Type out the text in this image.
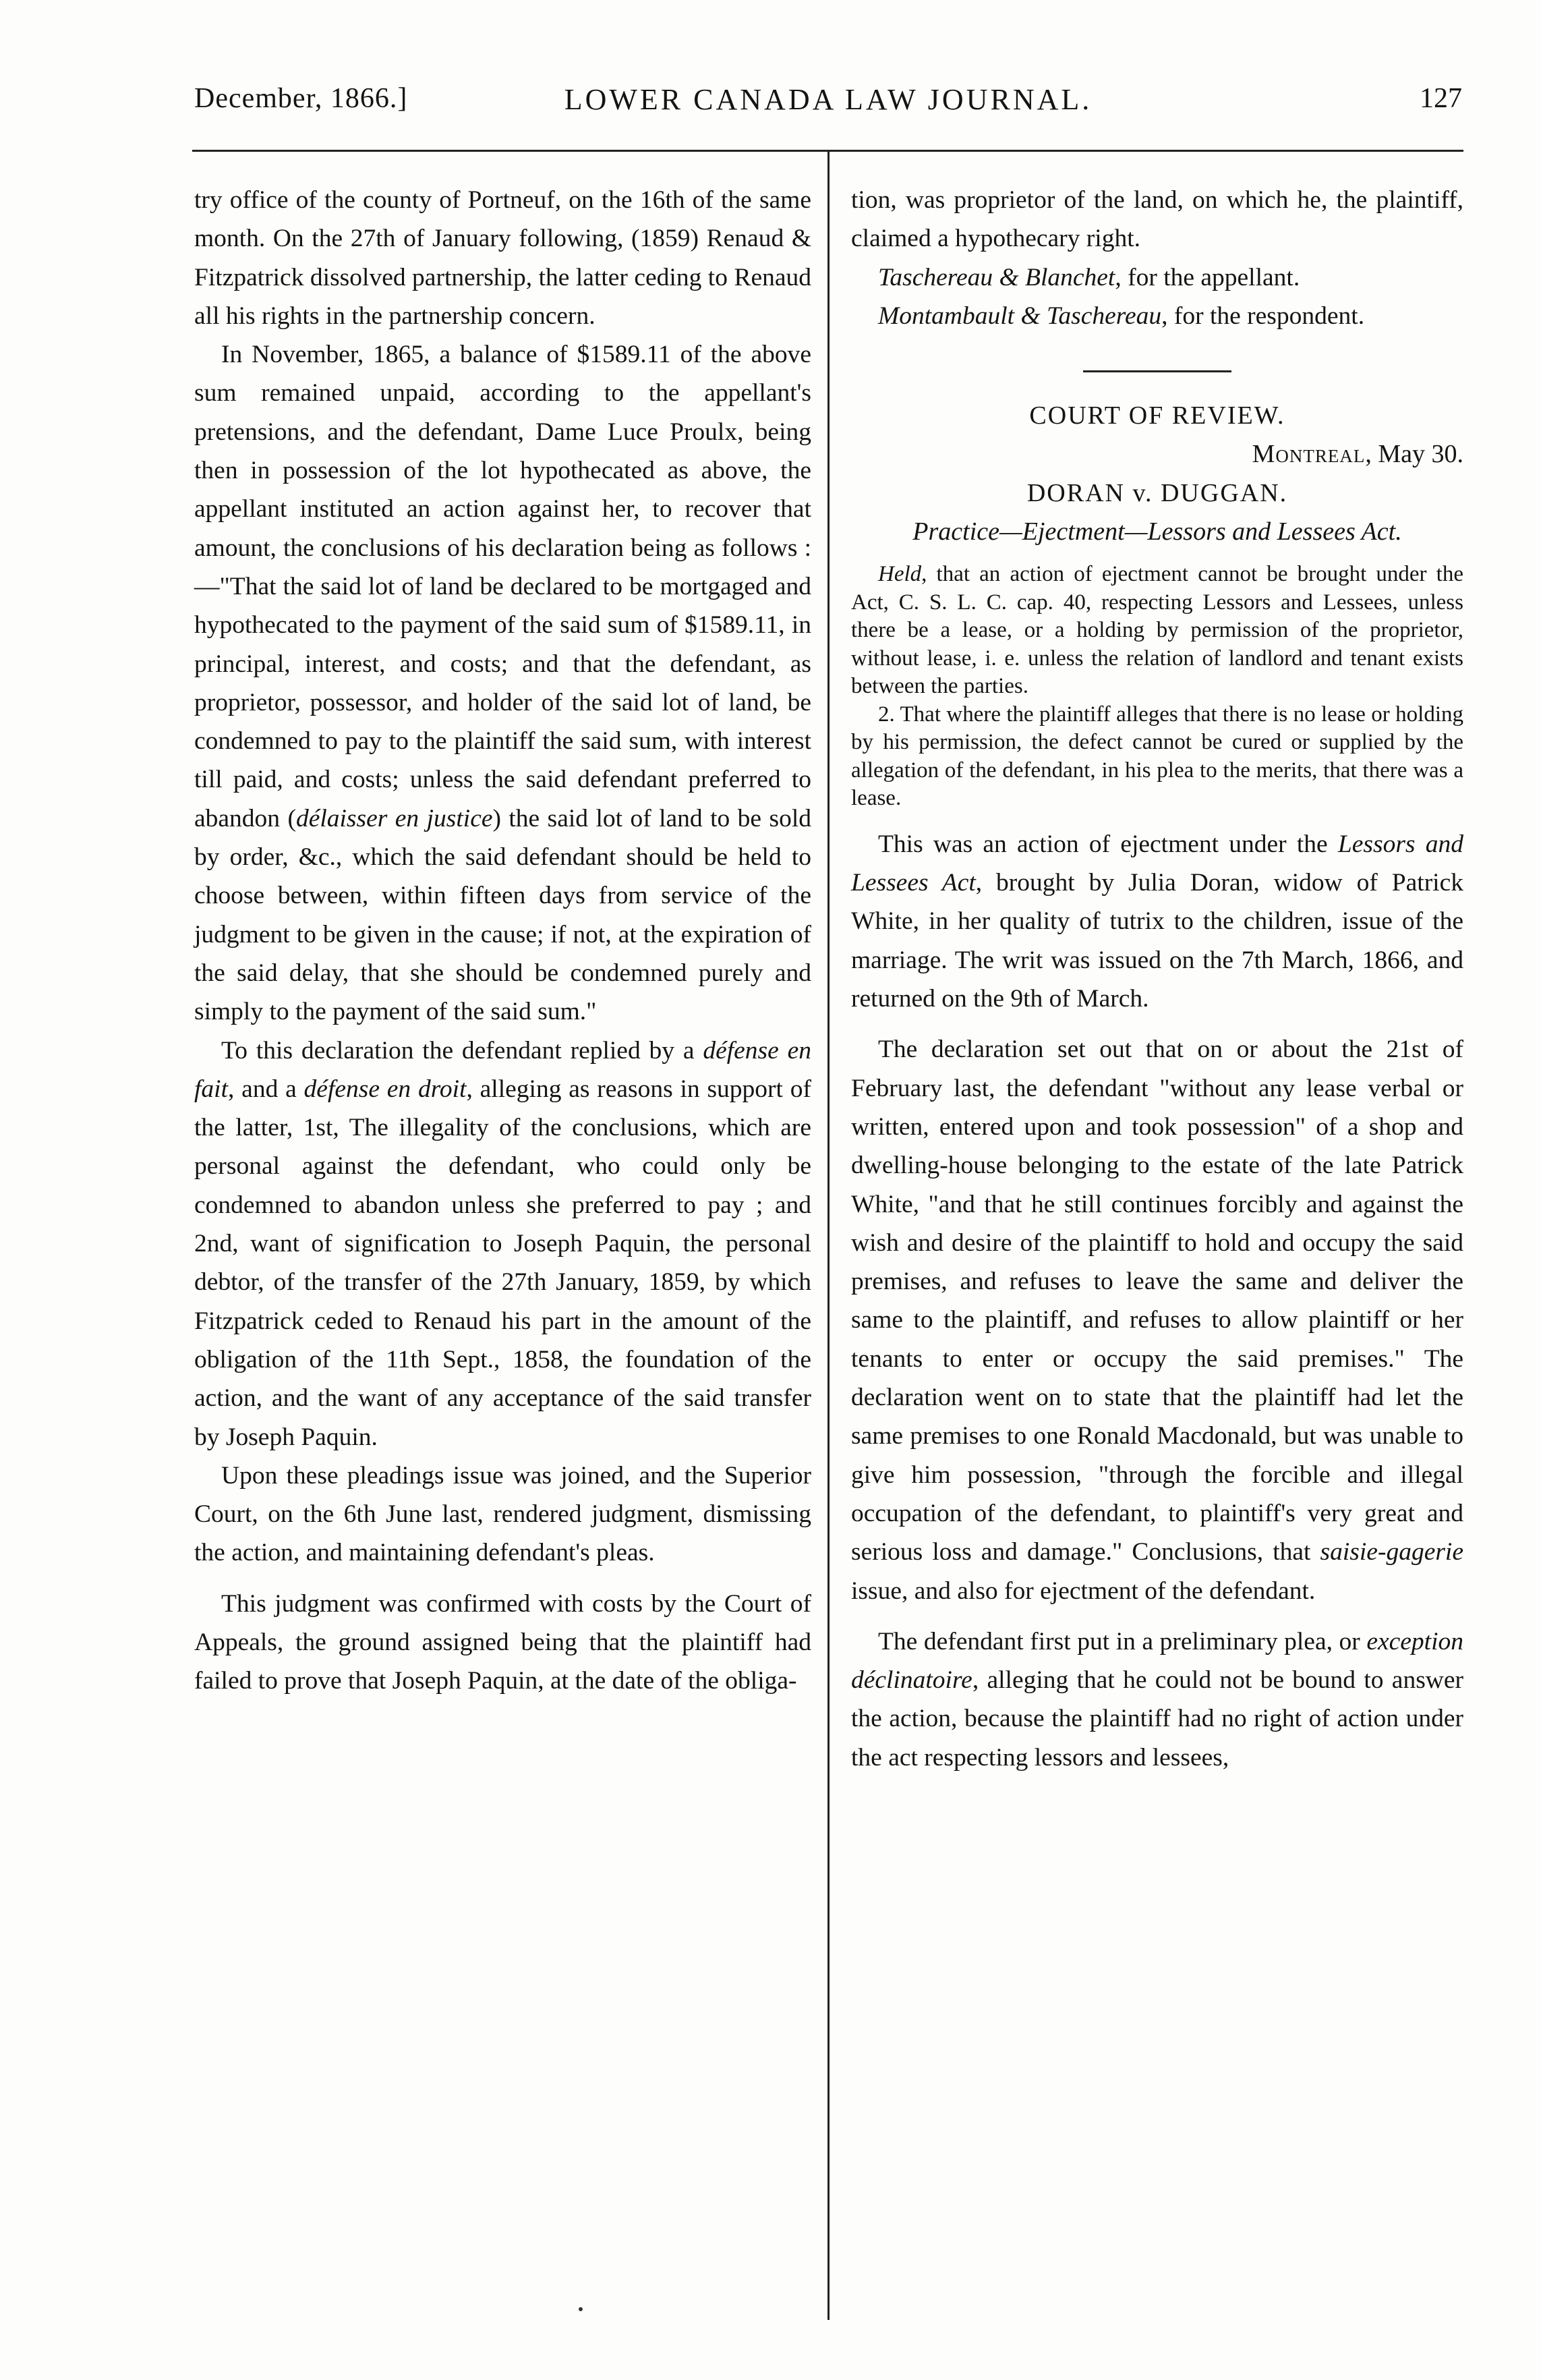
December, 1866.]	LOWER CANADA LAW JOURNAL.	127

try office of the county of Portneuf, on the 16th of the same month. On the 27th of January following, (1859) Renaud & Fitzpatrick dissolved partnership, the latter ceding to Renaud all his rights in the partnership concern.

In November, 1865, a balance of $1589.11 of the above sum remained unpaid, according to the appellant's pretensions, and the defendant, Dame Luce Proulx, being then in possession of the lot hypothecated as above, the appellant instituted an action against her, to recover that amount, the conclusions of his declaration being as follows :—"That the said lot of land be declared to be mortgaged and hypothecated to the payment of the said sum of $1589.11, in principal, interest, and costs; and that the defendant, as proprietor, possessor, and holder of the said lot of land, be condemned to pay to the plaintiff the said sum, with interest till paid, and costs; unless the said defendant preferred to abandon (délaisser en justice) the said lot of land to be sold by order, &c., which the said defendant should be held to choose between, within fifteen days from service of the judgment to be given in the cause; if not, at the expiration of the said delay, that she should be condemned purely and simply to the payment of the said sum."

To this declaration the defendant replied by a défense en fait, and a défense en droit, alleging as reasons in support of the latter, 1st, The illegality of the conclusions, which are personal against the defendant, who could only be condemned to abandon unless she preferred to pay ; and 2nd, want of signification to Joseph Paquin, the personal debtor, of the transfer of the 27th January, 1859, by which Fitzpatrick ceded to Renaud his part in the amount of the obligation of the 11th Sept., 1858, the foundation of the action, and the want of any acceptance of the said transfer by Joseph Paquin.

Upon these pleadings issue was joined, and the Superior Court, on the 6th June last, rendered judgment, dismissing the action, and maintaining defendant's pleas.

This judgment was confirmed with costs by the Court of Appeals, the ground assigned being that the plaintiff had failed to prove that Joseph Paquin, at the date of the obliga-

tion, was proprietor of the land, on which he, the plaintiff, claimed a hypothecary right.

Taschereau & Blanchet, for the appellant.

Montambault & Taschereau, for the respondent.

COURT OF REVIEW.
Montreal, May 30.
DORAN v. DUGGAN.
Practice—Ejectment—Lessors and Lessees Act.

Held, that an action of ejectment cannot be brought under the Act, C. S. L. C. cap. 40, respecting Lessors and Lessees, unless there be a lease, or a holding by permission of the proprietor, without lease, i. e. unless the relation of landlord and tenant exists between the parties.

2. That where the plaintiff alleges that there is no lease or holding by his permission, the defect cannot be cured or supplied by the allegation of the defendant, in his plea to the merits, that there was a lease.

This was an action of ejectment under the Lessors and Lessees Act, brought by Julia Doran, widow of Patrick White, in her quality of tutrix to the children, issue of the marriage. The writ was issued on the 7th March, 1866, and returned on the 9th of March.

The declaration set out that on or about the 21st of February last, the defendant "without any lease verbal or written, entered upon and took possession" of a shop and dwelling-house belonging to the estate of the late Patrick White, "and that he still continues forcibly and against the wish and desire of the plaintiff to hold and occupy the said premises, and refuses to leave the same and deliver the same to the plaintiff, and refuses to allow plaintiff or her tenants to enter or occupy the said premises." The declaration went on to state that the plaintiff had let the same premises to one Ronald Macdonald, but was unable to give him possession, "through the forcible and illegal occupation of the defendant, to plaintiff's very great and serious loss and damage." Conclusions, that saisie-gagerie issue, and also for ejectment of the defendant.

The defendant first put in a preliminary plea, or exception déclinatoire, alleging that he could not be bound to answer the action, because the plaintiff had no right of action under the act respecting lessors and lessees,
